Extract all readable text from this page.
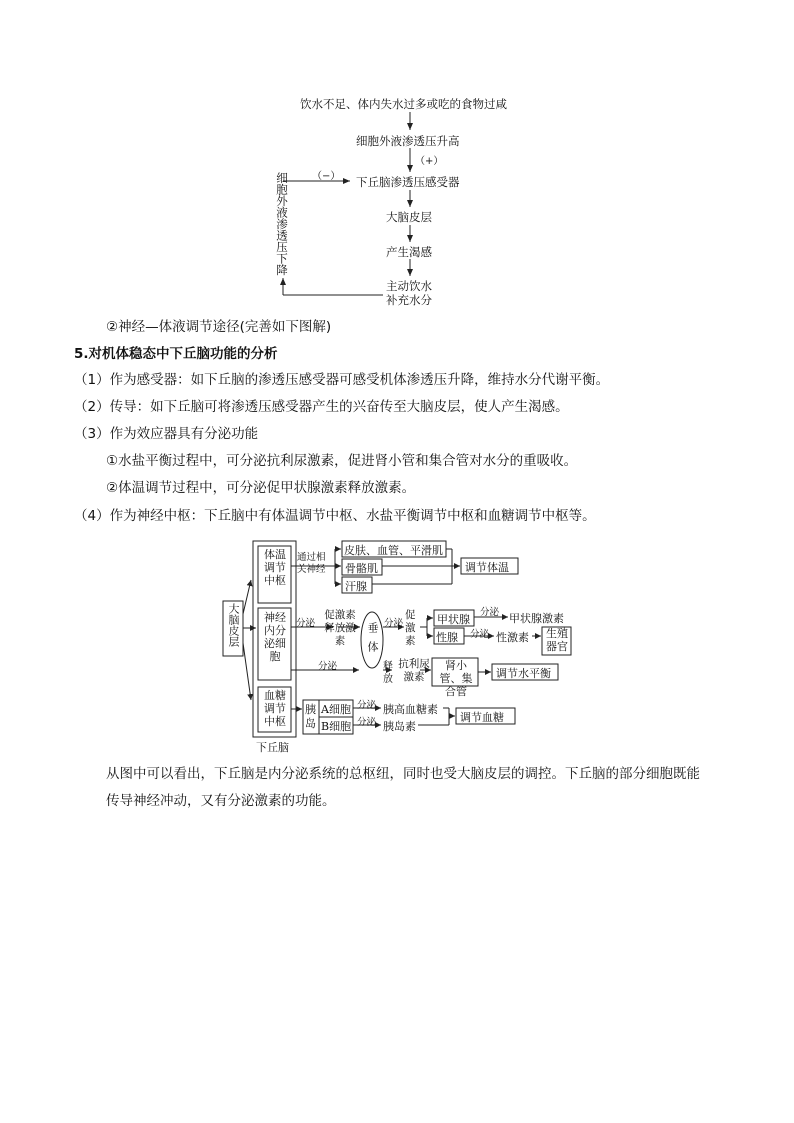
饮水不足、体内失水过多或吃的食物过咸
细胞外液渗透压升高
（+）
（−） 下丘脑渗透压感受器
大脑皮层
产生渴感
主动饮水
补充水分
细胞外液渗透压下降
②神经—体液调节途径(完善如下图解)
5.对机体稳态中下丘脑功能的分析
（1）作为感受器：如下丘脑的渗透压感受器可感受机体渗透压升降，维持水分代谢平衡。
（2）传导：如下丘脑可将渗透压感受器产生的兴奋传至大脑皮层，使人产生渴感。
（3）作为效应器具有分泌功能
①水盐平衡过程中，可分泌抗利尿激素，促进肾小管和集合管对水分的重吸收。
②体温调节过程中，可分泌促甲状腺激素释放激素。
（4）作为神经中枢：下丘脑中有体温调节中枢、水盐平衡调节中枢和血糖调节中枢等。
大脑皮层
下丘脑
体温调节中枢
神经内分泌细胞
血糖调节中枢
通过相关神经
皮肤、血管、平滑肌
骨骼肌
汗腺
调节体温
分泌
促激素释放激素	垂体 分泌
促激素
甲状腺
性腺
分泌 甲状腺激素
分泌 性激素 生殖器官
分泌	释放
抗利尿激素
肾小管、集合管
调节水平衡
胰岛
A细胞
B细胞
分泌
分泌
胰高血糖素
胰岛素
调节血糖
从图中可以看出，下丘脑是内分泌系统的总枢纽，同时也受大脑皮层的调控。下丘脑的部分细胞既能
传导神经冲动，又有分泌激素的功能。
